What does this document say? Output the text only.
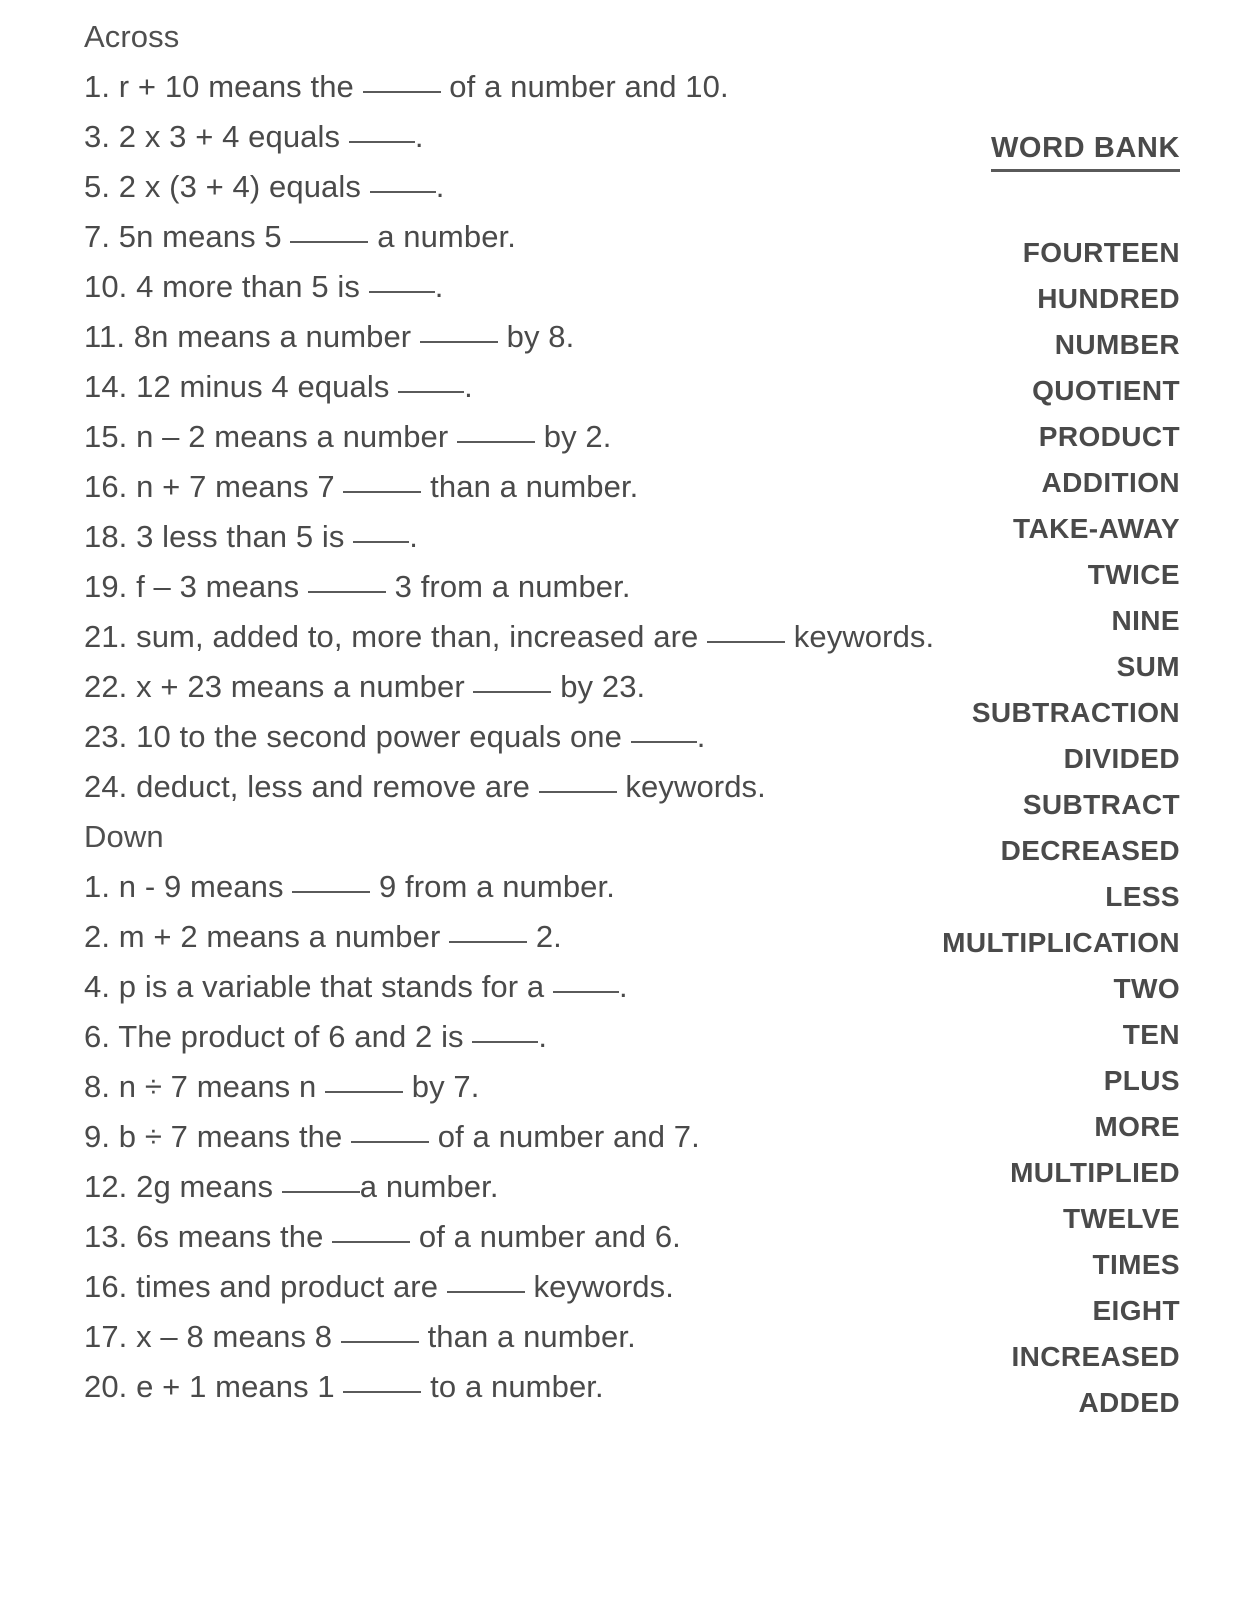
Across
1. r + 10 means the	of a number and 10.
3. 2 x 3 + 4 equals .
5. 2 x (3 + 4) equals .
7. 5n means 5	a number.
10. 4 more than 5 is .
11. 8n means a number	by 8.
14. 12 minus 4 equals .
15. n – 2 means a number	by 2.
16. n + 7 means 7	than a number.
18. 3 less than 5 is .
19. f – 3 means	3 from a number.
21. sum, added to, more than, increased are	keywords.
22. x + 23 means a number	by 23.
23. 10 to the second power equals one .
24. deduct, less and remove are	keywords.
Down
1. n - 9 means	9 from a number.
2. m + 2 means a number	2.
4. p is a variable that stands for a .
6. The product of 6 and 2 is .
8. n ÷ 7 means n	by 7.
9. b ÷ 7 means the	of a number and 7.
12. 2g means	a number.
13. 6s means the	of a number and 6.
16. times and product are	keywords.
17. x – 8 means 8	than a number.
20. e + 1 means 1	to a number.
WORD BANK
FOURTEEN
HUNDRED
NUMBER
QUOTIENT
PRODUCT
ADDITION
TAKE-AWAY
TWICE
NINE
SUM
SUBTRACTION
DIVIDED
SUBTRACT
DECREASED
LESS
MULTIPLICATION
TWO
TEN
PLUS
MORE
MULTIPLIED
TWELVE
TIMES
EIGHT
INCREASED
ADDED
